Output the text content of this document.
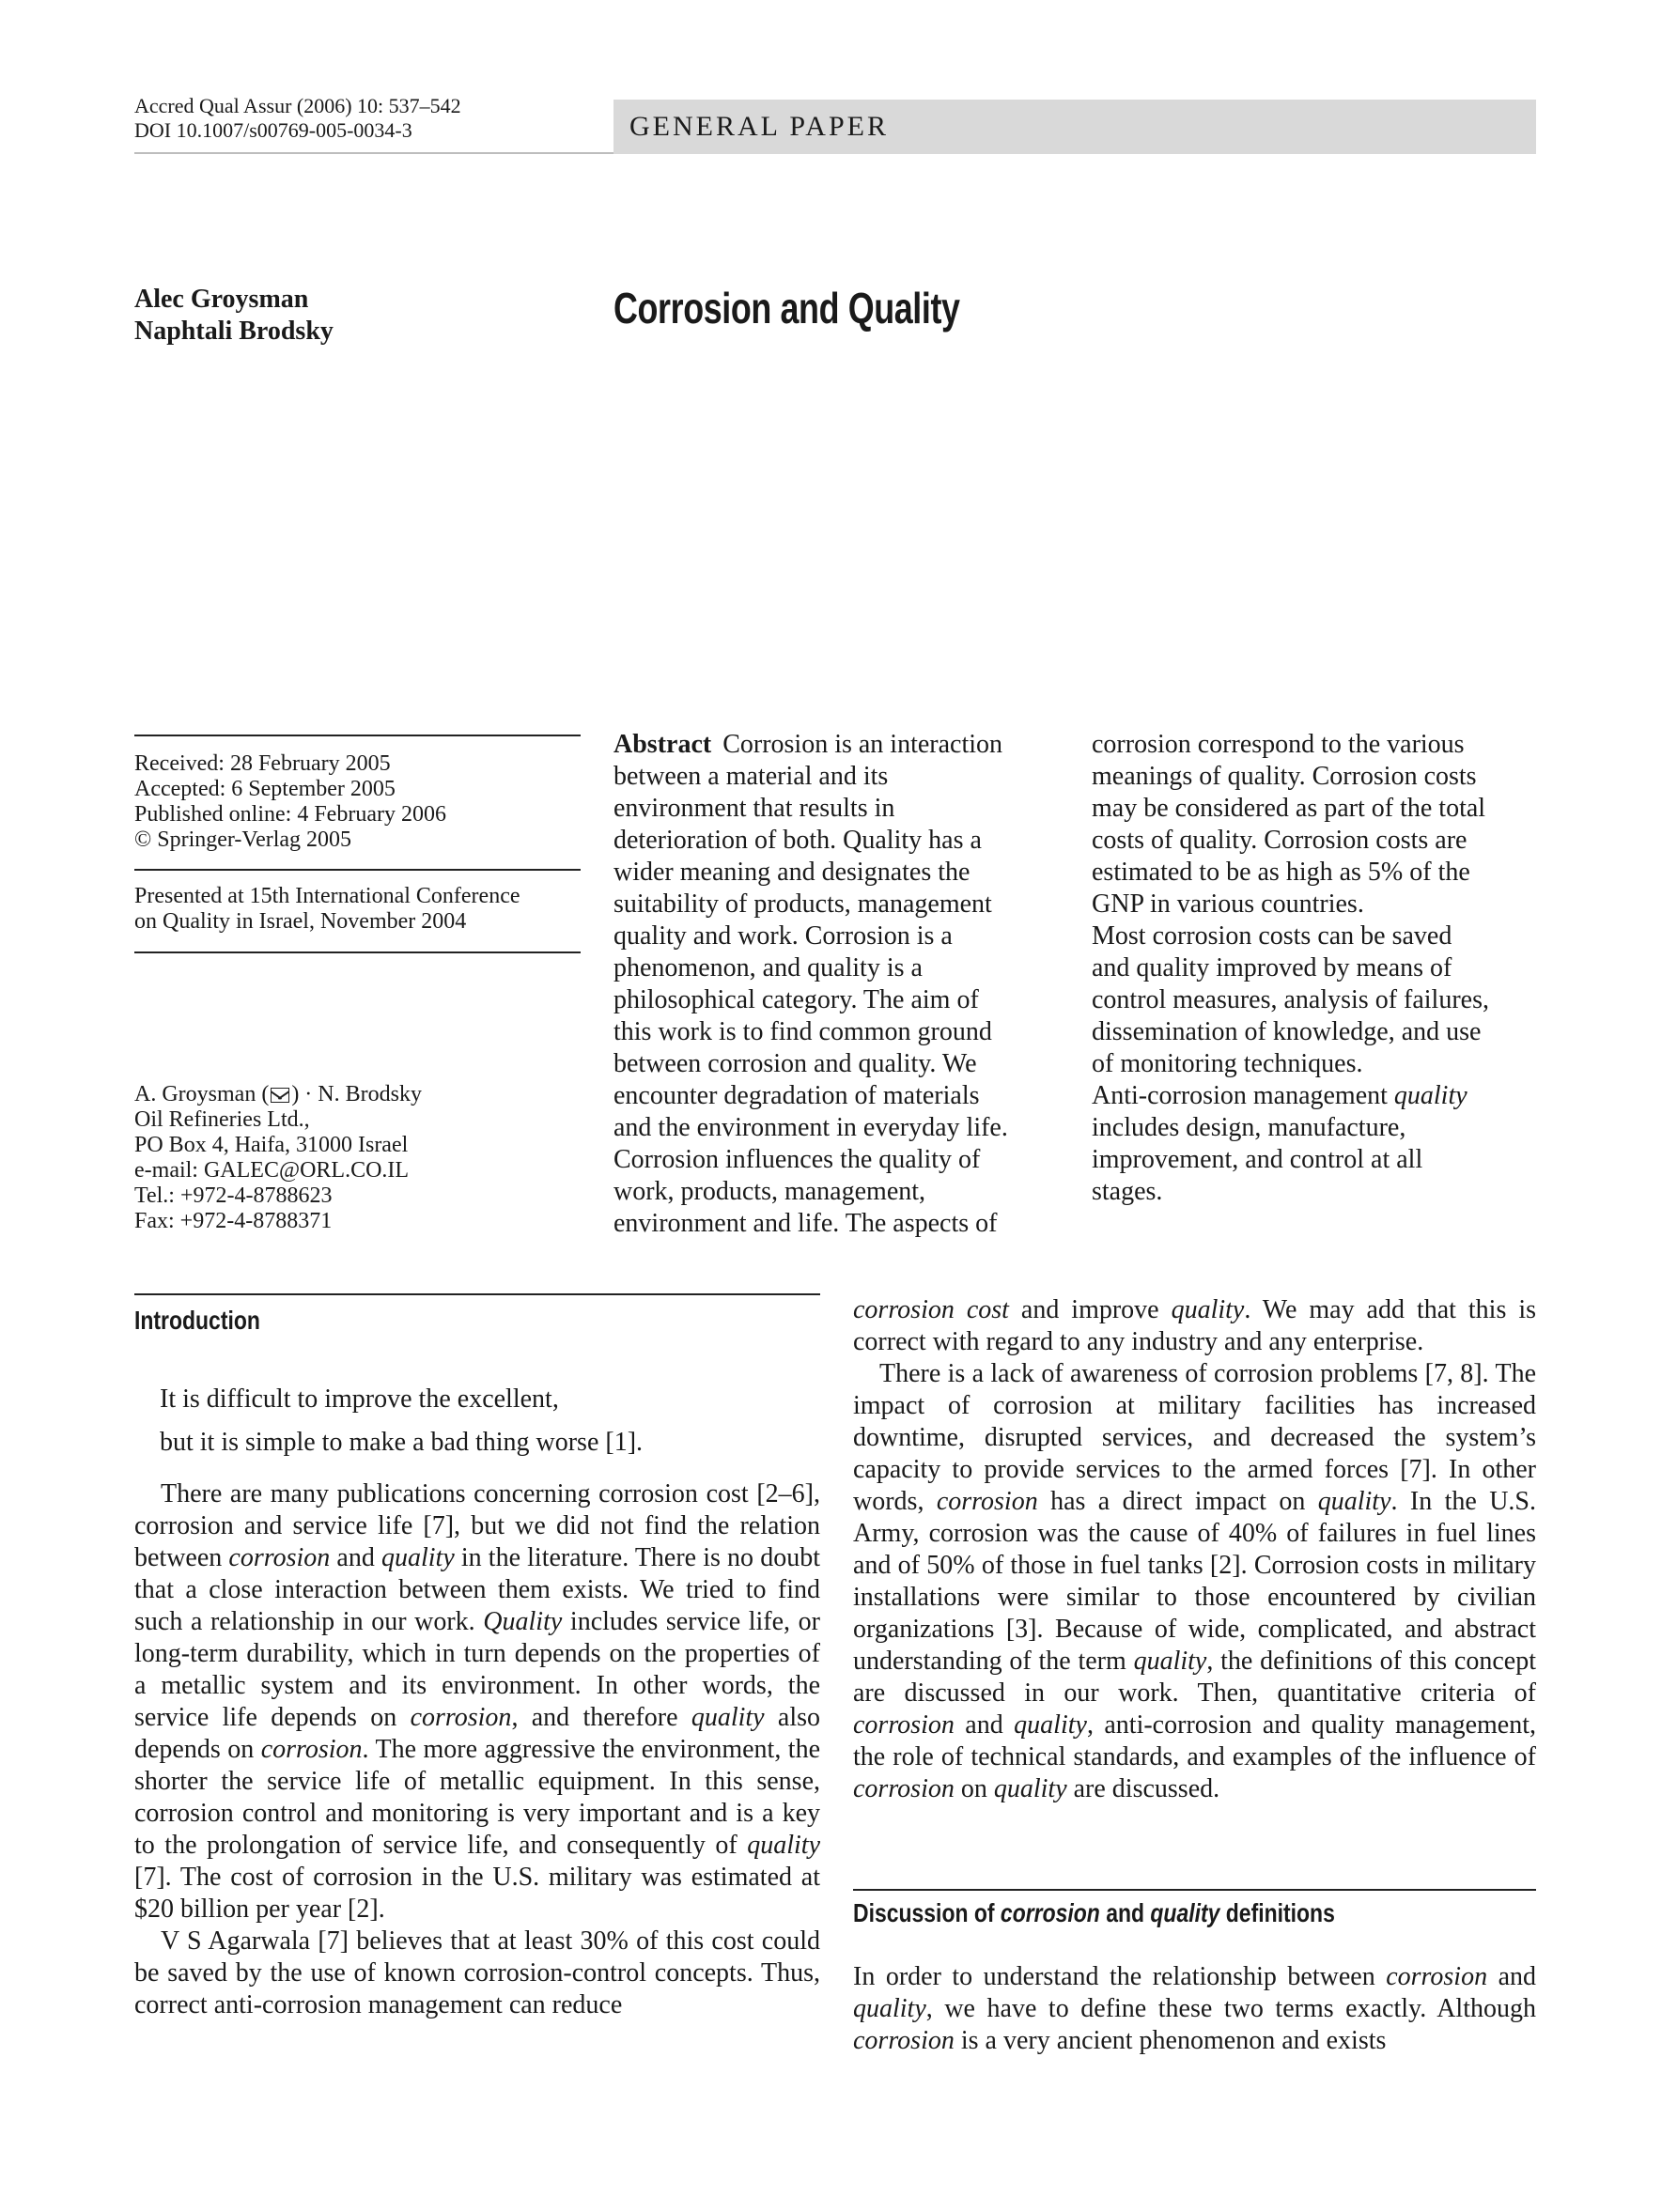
Accred Qual Assur (2006) 10: 537–542
DOI 10.1007/s00769-005-0034-3	GENERAL PAPER
Alec Groysman
Naphtali Brodsky	Corrosion and Quality
Received: 28 February 2005
Accepted: 6 September 2005
Published online: 4 February 2006
© Springer-Verlag 2005
Presented at 15th International Conference
on Quality in Israel, November 2004
A. Groysman ( ) · N. Brodsky
Oil Refineries Ltd.,
PO Box 4, Haifa, 31000 Israel
e-mail: GALEC@ORL.CO.IL
Tel.: +972-4-8788623
Fax: +972-4-8788371
Abstract Corrosion is an interaction
between a material and its
environment that results in
deterioration of both. Quality has a
wider meaning and designates the
suitability of products, management
quality and work. Corrosion is a
phenomenon, and quality is a
philosophical category. The aim of
this work is to find common ground
between corrosion and quality. We
encounter degradation of materials
and the environment in everyday life.
Corrosion influences the quality of
work, products, management,
environment and life. The aspects of
corrosion correspond to the various
meanings of quality. Corrosion costs
may be considered as part of the total
costs of quality. Corrosion costs are
estimated to be as high as 5% of the
GNP in various countries.
Most corrosion costs can be saved
and quality improved by means of
control measures, analysis of failures,
dissemination of knowledge, and use
of monitoring techniques.
Anti-corrosion management quality
includes design, manufacture,
improvement, and control at all
stages.
Introduction

It is difficult to improve the excellent,

but it is simple to make a bad thing worse [1].

There are many publications concerning corrosion cost [2–6], corrosion and service life [7], but we did not find the relation between corrosion and quality in the literature. There is no doubt that a close interaction between them exists. We tried to find such a relationship in our work. Quality includes service life, or long-term durability, which in turn depends on the properties of a metallic system and its environment. In other words, the service life depends on corrosion, and therefore quality also depends on corrosion. The more aggressive the environment, the shorter the service life of metallic equipment. In this sense, corrosion control and monitoring is very important and is a key to the prolongation of service life, and consequently of quality [7]. The cost of corrosion in the U.S. military was estimated at $20 billion per year [2].

V S Agarwala [7] believes that at least 30% of this cost could be saved by the use of known corrosion-control concepts. Thus, correct anti-corrosion management can reduce

corrosion cost and improve quality. We may add that this is correct with regard to any industry and any enterprise.

There is a lack of awareness of corrosion problems [7, 8]. The impact of corrosion at military facilities has increased downtime, disrupted services, and decreased the system’s capacity to provide services to the armed forces [7]. In other words, corrosion has a direct impact on quality. In the U.S. Army, corrosion was the cause of 40% of failures in fuel lines and of 50% of those in fuel tanks [2]. Corrosion costs in military installations were similar to those encountered by civilian organizations [3]. Because of wide, complicated, and abstract understanding of the term quality, the definitions of this concept are discussed in our work. Then, quantitative criteria of corrosion and quality, anti-corrosion and quality management, the role of technical standards, and examples of the influence of corrosion on quality are discussed.

Discussion of corrosion and quality definitions

In order to understand the relationship between corrosion and quality, we have to define these two terms exactly. Although corrosion is a very ancient phenomenon and exists
